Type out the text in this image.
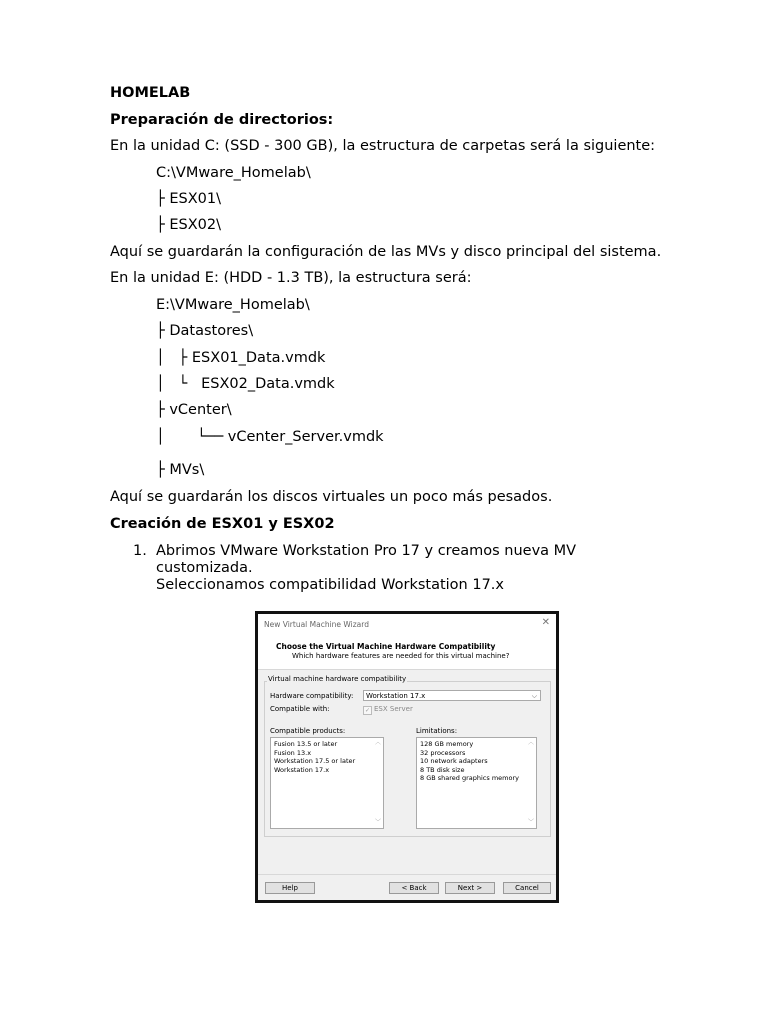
HOMELAB
Preparación de directorios:
En la unidad C: (SSD - 300 GB), la estructura de carpetas será la siguiente:
C:\VMware_Homelab\
├ ESX01\
├ ESX02\
Aquí se guardarán la configuración de las MVs y disco principal del sistema.
En la unidad E: (HDD - 1.3 TB), la estructura será:
E:\VMware_Homelab\
├ Datastores\
│   ├ ESX01_Data.vmdk
│   └   ESX02_Data.vmdk
├ vCenter\
│       └── vCenter_Server.vmdk
├ MVs\
Aquí se guardarán los discos virtuales un poco más pesados.
Creación de ESX01 y ESX02
1. Abrimos VMware Workstation Pro 17 y creamos nueva MV
customizada.
Seleccionamos compatibilidad Workstation 17.x
New Virtual Machine Wizard	✕
Choose the Virtual Machine Hardware Compatibility
Which hardware features are needed for this virtual machine?
Virtual machine hardware compatibility
Hardware compatibility:	Workstation 17.x	⌵
Compatible with:	✓ ESX Server
Compatible products:
Fusion 13.5 or later
Fusion 13.x
Workstation 17.5 or later
Workstation 17.x
︿
﹀
Limitations:
128 GB memory
32 processors
10 network adapters
8 TB disk size
8 GB shared graphics memory
︿
﹀
Help	< Back	Next >	Cancel
